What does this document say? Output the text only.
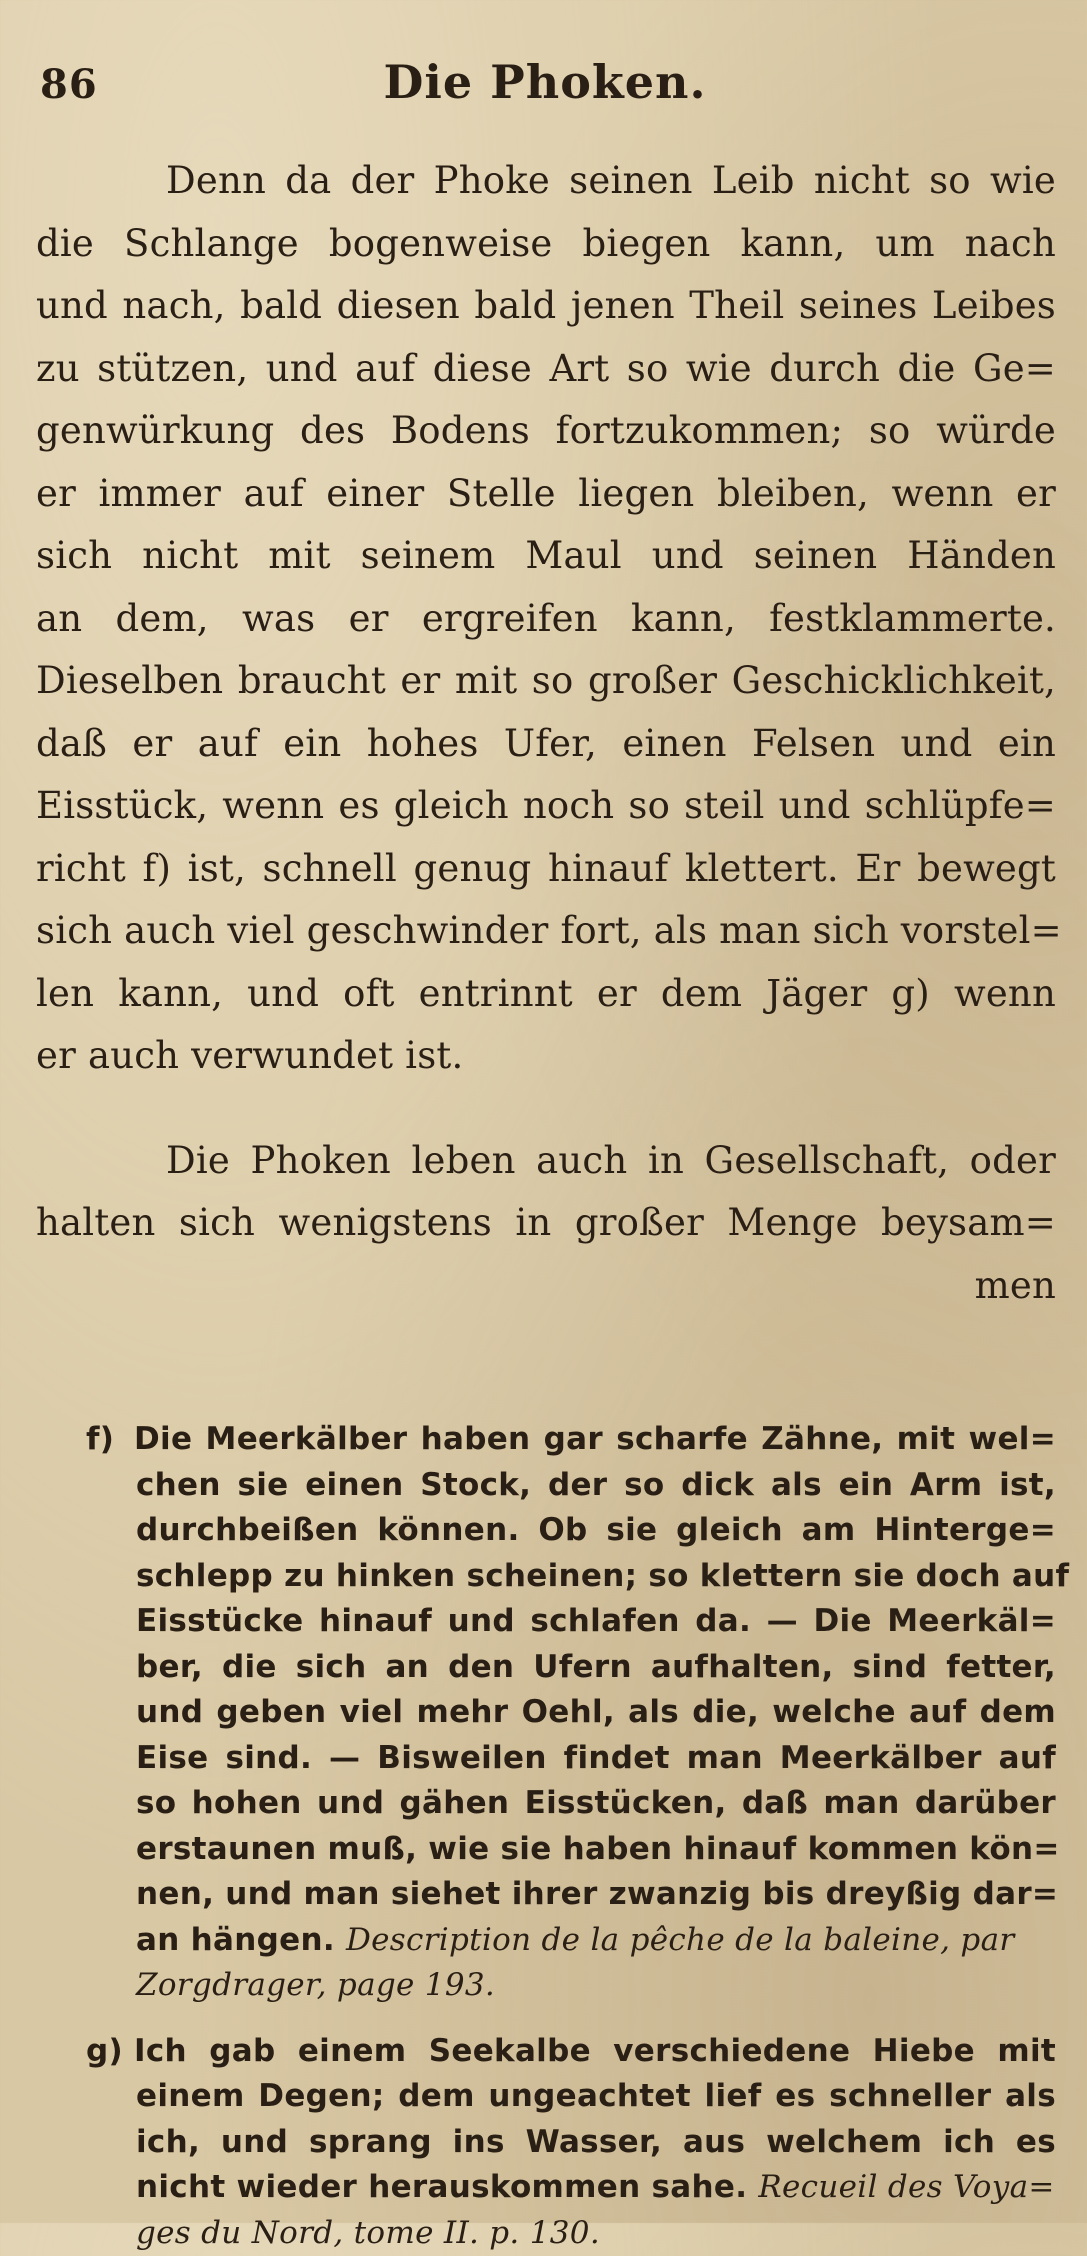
86	Die Phoken.
Denn da der Phoke seinen Leib nicht so wie
die Schlange bogenweise biegen kann, um nach
und nach, bald diesen bald jenen Theil seines Leibes
zu stützen, und auf diese Art so wie durch die Ge=
genwürkung des Bodens fortzukommen; so würde
er immer auf einer Stelle liegen bleiben, wenn er
sich nicht mit seinem Maul und seinen Händen
an dem, was er ergreifen kann, festklammerte.
Dieselben braucht er mit so großer Geschicklichkeit,
daß er auf ein hohes Ufer, einen Felsen und ein
Eisstück, wenn es gleich noch so steil und schlüpfe=
richt f) ist, schnell genug hinauf klettert. Er bewegt
sich auch viel geschwinder fort, als man sich vorstel=
len kann, und oft entrinnt er dem Jäger g) wenn
er auch verwundet ist.
Die Phoken leben auch in Gesellschaft, oder
halten sich wenigstens in großer Menge beysam=
men
f) Die Meerkälber haben gar scharfe Zähne, mit wel=
chen sie einen Stock, der so dick als ein Arm ist,
durchbeißen können. Ob sie gleich am Hinterge=
schlepp zu hinken scheinen; so klettern sie doch auf
Eisstücke hinauf und schlafen da. — Die Meerkäl=
ber, die sich an den Ufern aufhalten, sind fetter,
und geben viel mehr Oehl, als die, welche auf dem
Eise sind. — Bisweilen findet man Meerkälber auf
so hohen und gähen Eisstücken, daß man darüber
erstaunen muß, wie sie haben hinauf kommen kön=
nen, und man siehet ihrer zwanzig bis dreyßig dar=
an hängen. Description de la pêche de la baleine, par
Zorgdrager, page 193.
g) Ich gab einem Seekalbe verschiedene Hiebe mit
einem Degen; dem ungeachtet lief es schneller als
ich, und sprang ins Wasser, aus welchem ich es
nicht wieder herauskommen sahe. Recueil des Voya=
ges du Nord, tome II. p. 130.
